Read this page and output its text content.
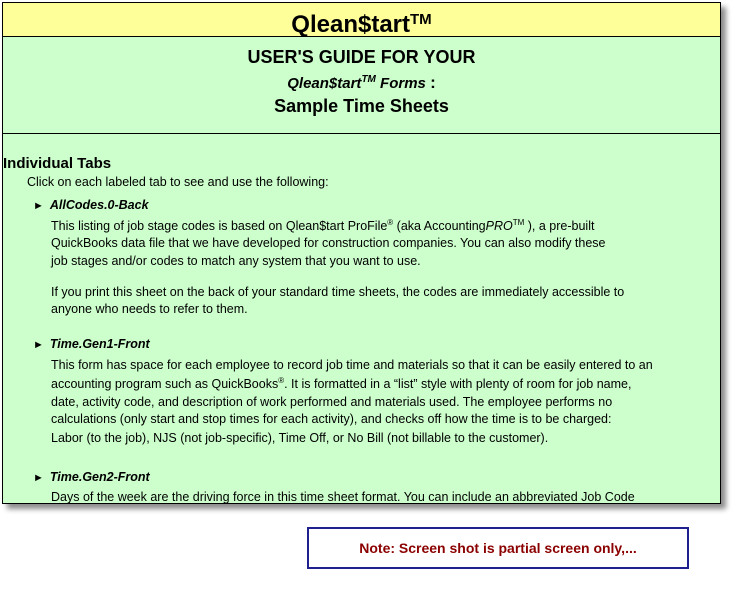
Qlean$tart™
USER'S GUIDE FOR YOUR
Qlean$tart™ Forms :
Sample Time Sheets
Individual Tabs
Click on each labeled tab to see and use the following:
► AllCodes.0-Back
This listing of job stage codes is based on Qlean$tart ProFile® (aka AccountingPRO™ ), a pre-built
QuickBooks data file that we have developed for construction companies. You can also modify these
job stages and/or codes to match any system that you want to use.
If you print this sheet on the back of your standard time sheets, the codes are immediately accessible to
anyone who needs to refer to them.
► Time.Gen1-Front
This form has space for each employee to record job time and materials so that it can be easily entered to an
accounting program such as QuickBooks®. It is formatted in a “list” style with plenty of room for job name,
date, activity code, and description of work performed and materials used. The employee performs no
calculations (only start and stop times for each activity), and checks off how the time is to be charged:
Labor (to the job), NJS (not job-specific), Time Off, or No Bill (not billable to the customer).
► Time.Gen2-Front
Days of the week are the driving force in this time sheet format. You can include an abbreviated Job Code
Note: Screen shot is partial screen only,...
